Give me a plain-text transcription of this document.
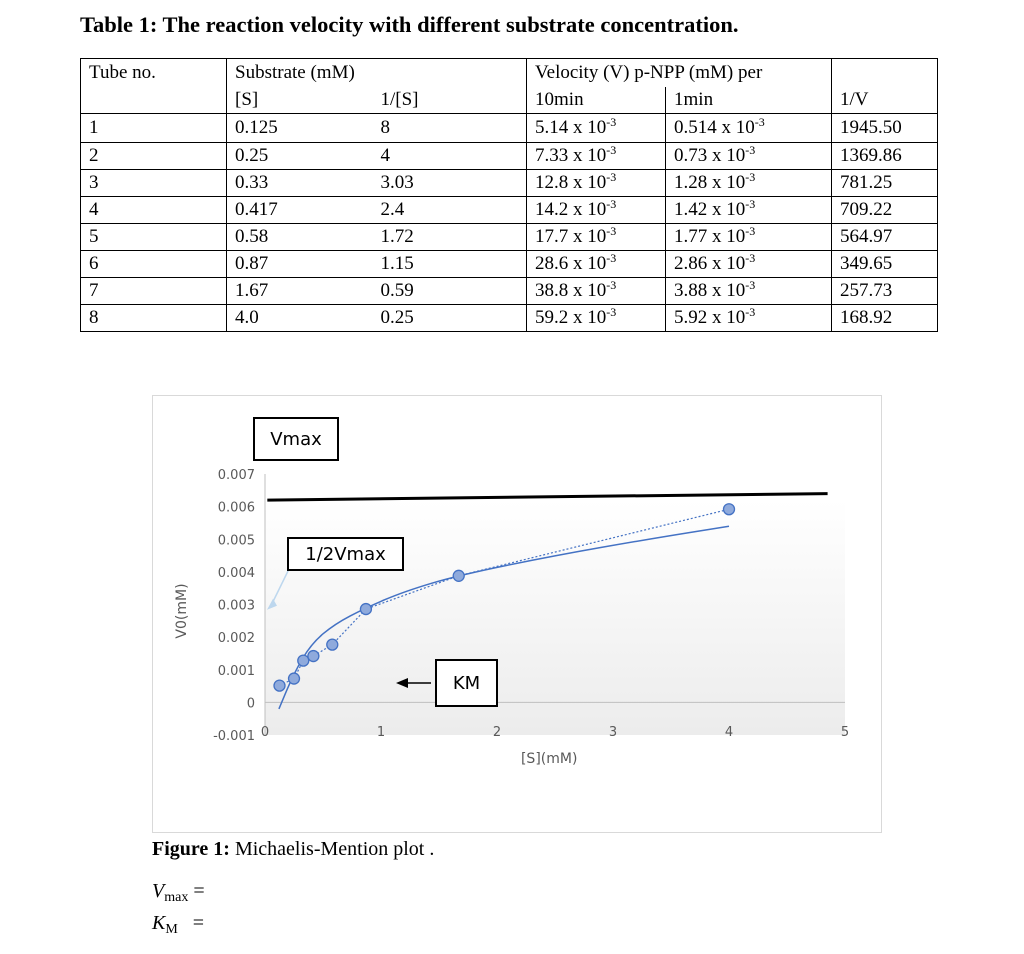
Table 1: The reaction velocity with different substrate concentration.
Tube no.	Substrate (mM)		Velocity (V) p-NPP (mM) per		
	[S]	1/[S]	10min	1min	1/V
1	0.125	8	5.14 x $10^{-3}$	0.514 x $10^{-3}$	1945.50
2	0.25	4	7.33 x $10^{-3}$	0.73 x $10^{-3}$	1369.86
3	0.33	3.03	12.8 x $10^{-3}$	1.28 x $10^{-3}$	781.25
4	0.417	2.4	14.2 x $10^{-3}$	1.42 x $10^{-3}$	709.22
5	0.58	1.72	17.7 x $10^{-3}$	1.77 x $10^{-3}$	564.97
6	0.87	1.15	28.6 x $10^{-3}$	2.86 x $10^{-3}$	349.65
7	1.67	0.59	38.8 x $10^{-3}$	3.88 x $10^{-3}$	257.73
8	4.0	0.25	59.2 x $10^{-3}$	5.92 x $10^{-3}$	168.92
-0.001
0
0.001
0.002
0.003
0.004
0.005
0.006
0.007
0	1	2	3	4	5
[S](mM)
V0(mM)
Vmax
1/2Vmax
KM
Figure 1: Michaelis-Mention plot .
$V_{max}$ =
$K_M$ =
